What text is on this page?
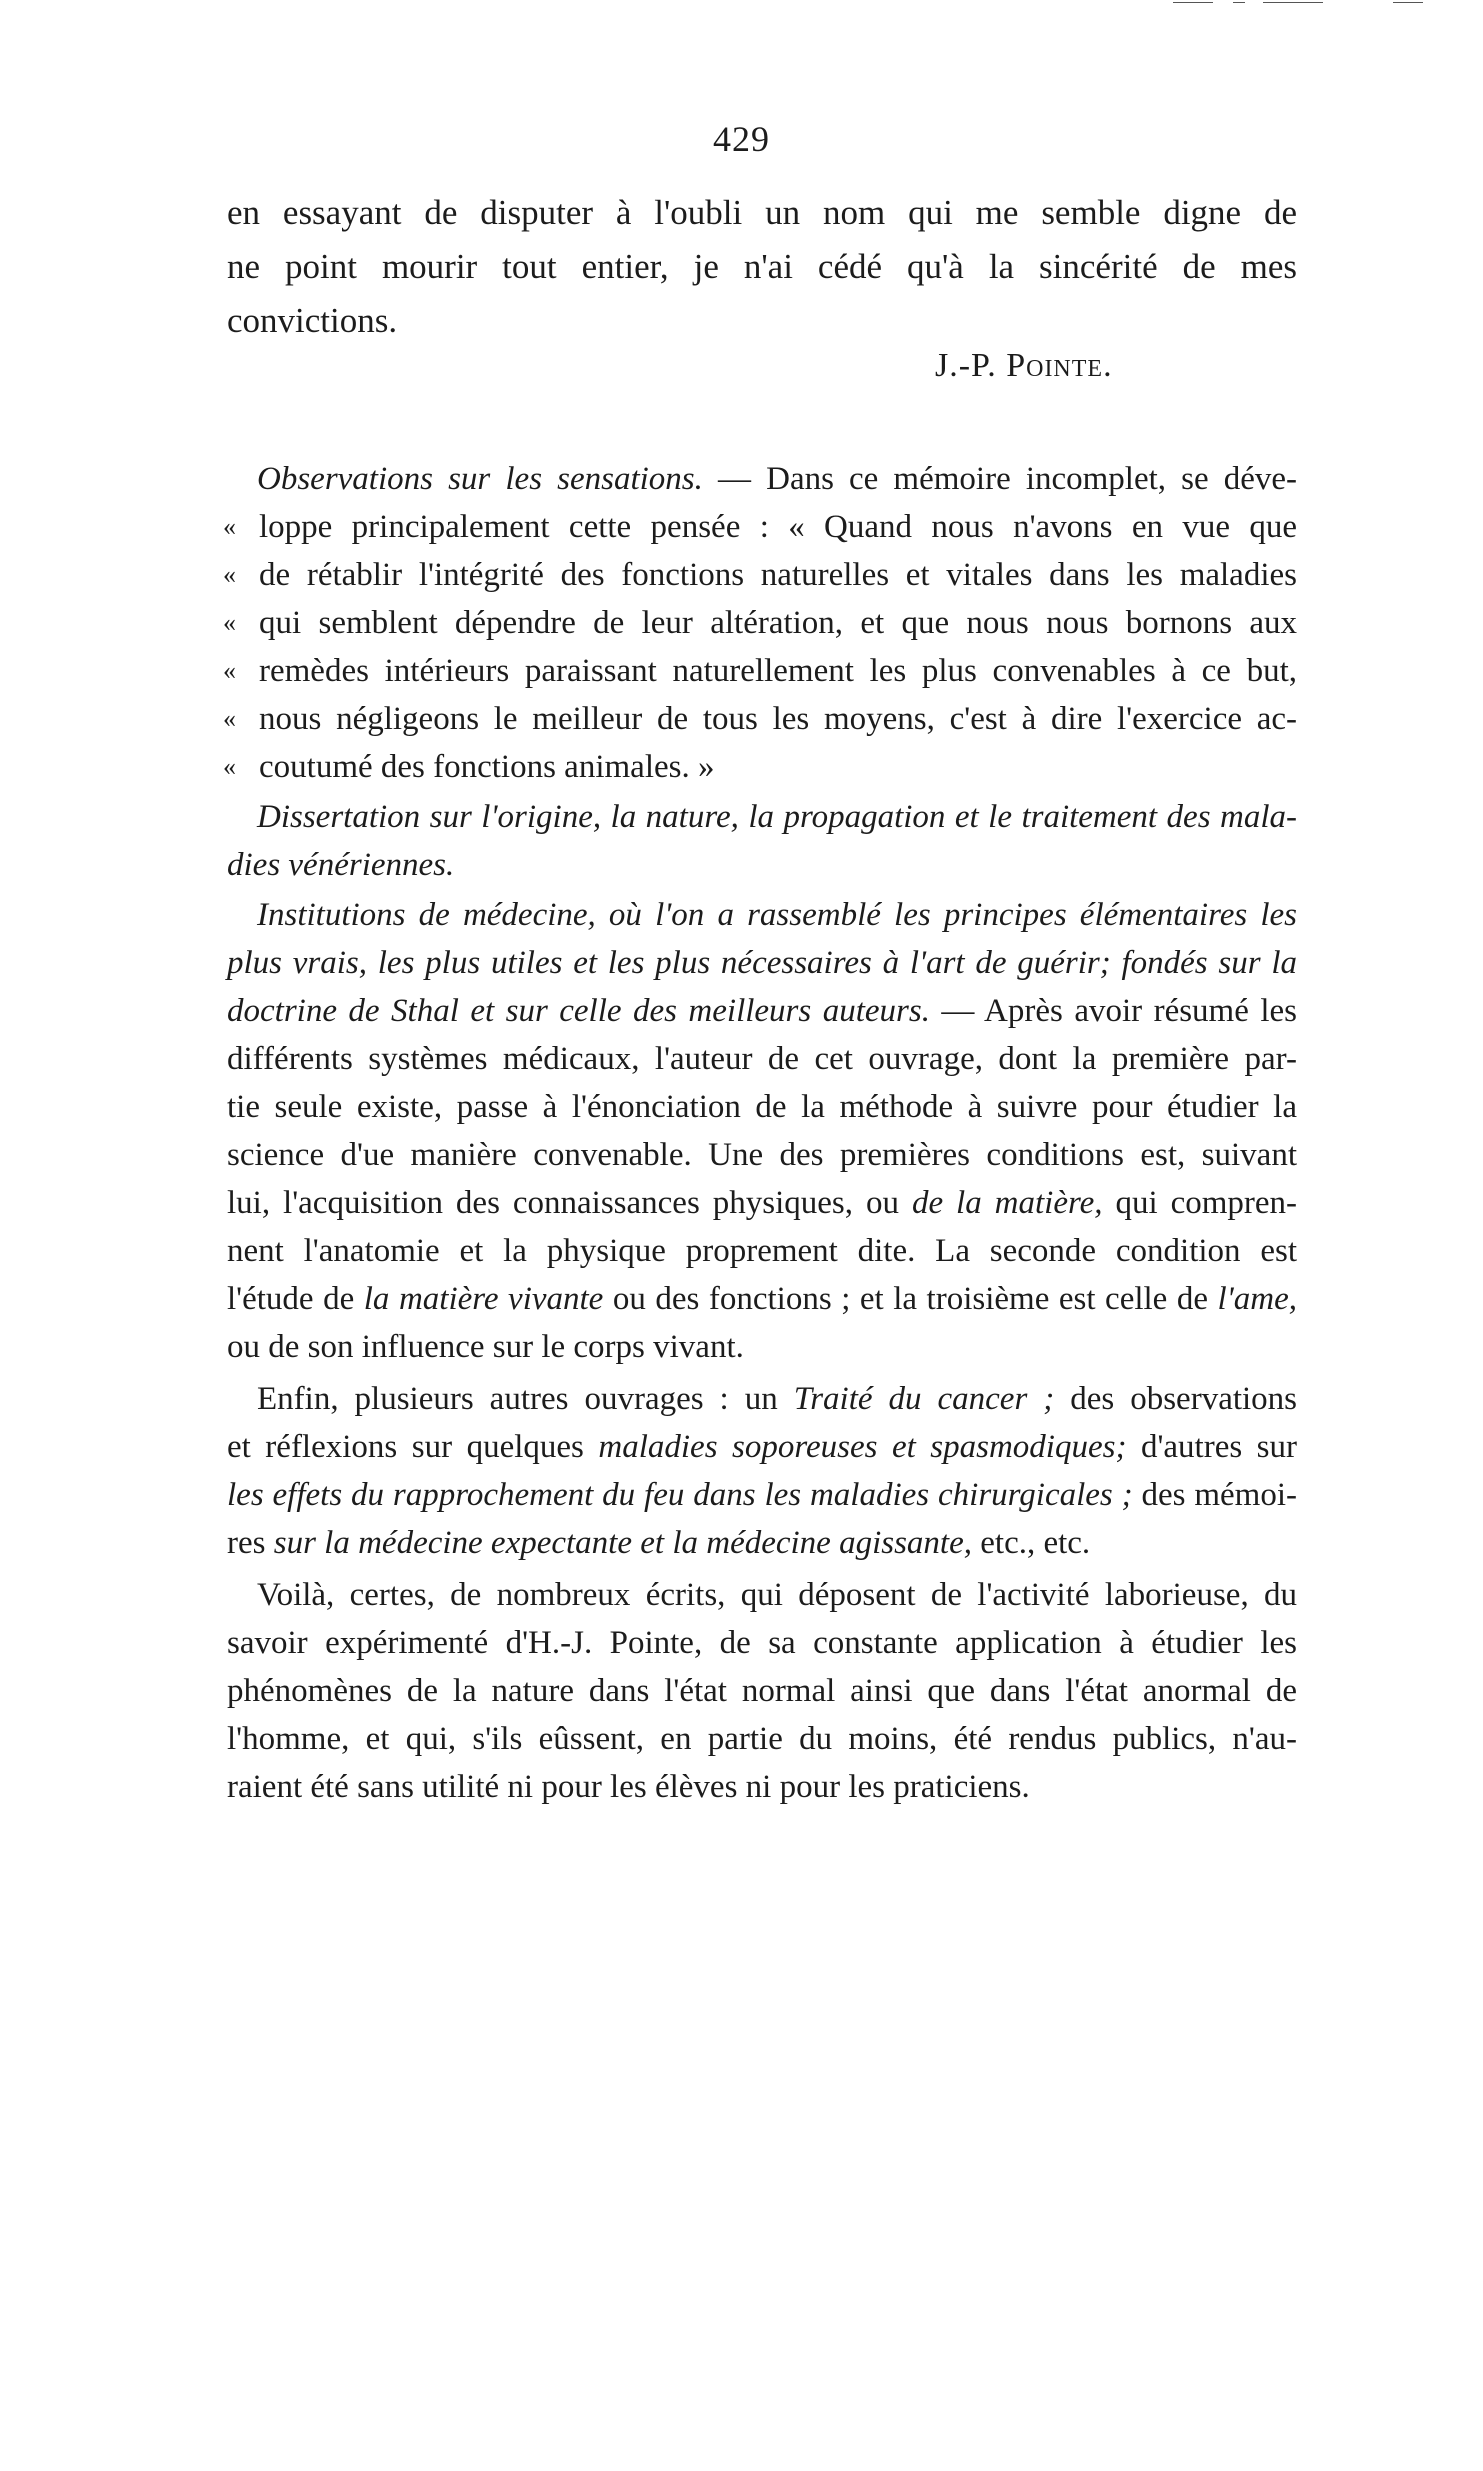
429
en essayant de disputer à l'oubli un nom qui me semble digne de
ne point mourir tout entier, je n'ai cédé qu'à la sincérité de mes
convictions.
J.-P. Pointe.
Observations sur les sensations. — Dans ce mémoire incomplet, se déve-
« loppe principalement cette pensée : « Quand nous n'avons en vue que
« de rétablir l'intégrité des fonctions naturelles et vitales dans les maladies
« qui semblent dépendre de leur altération, et que nous nous bornons aux
« remèdes intérieurs paraissant naturellement les plus convenables à ce but,
« nous négligeons le meilleur de tous les moyens, c'est à dire l'exercice ac-
« coutumé des fonctions animales. »
Dissertation sur l'origine, la nature, la propagation et le traitement des mala-
dies vénériennes.
Institutions de médecine, où l'on a rassemblé les principes élémentaires les
plus vrais, les plus utiles et les plus nécessaires à l'art de guérir; fondés sur la
doctrine de Sthal et sur celle des meilleurs auteurs. — Après avoir résumé les
différents systèmes médicaux, l'auteur de cet ouvrage, dont la première par-
tie seule existe, passe à l'énonciation de la méthode à suivre pour étudier la
science d'ue manière convenable. Une des premières conditions est, suivant
lui, l'acquisition des connaissances physiques, ou de la matière, qui compren-
nent l'anatomie et la physique proprement dite. La seconde condition est
l'étude de la matière vivante ou des fonctions ; et la troisième est celle de l'ame,
ou de son influence sur le corps vivant.
Enfin, plusieurs autres ouvrages : un Traité du cancer ; des observations
et réflexions sur quelques maladies soporeuses et spasmodiques; d'autres sur
les effets du rapprochement du feu dans les maladies chirurgicales ; des mémoi-
res sur la médecine expectante et la médecine agissante, etc., etc.
Voilà, certes, de nombreux écrits, qui déposent de l'activité laborieuse, du
savoir expérimenté d'H.-J. Pointe, de sa constante application à étudier les
phénomènes de la nature dans l'état normal ainsi que dans l'état anormal de
l'homme, et qui, s'ils eûssent, en partie du moins, été rendus publics, n'au-
raient été sans utilité ni pour les élèves ni pour les praticiens.
